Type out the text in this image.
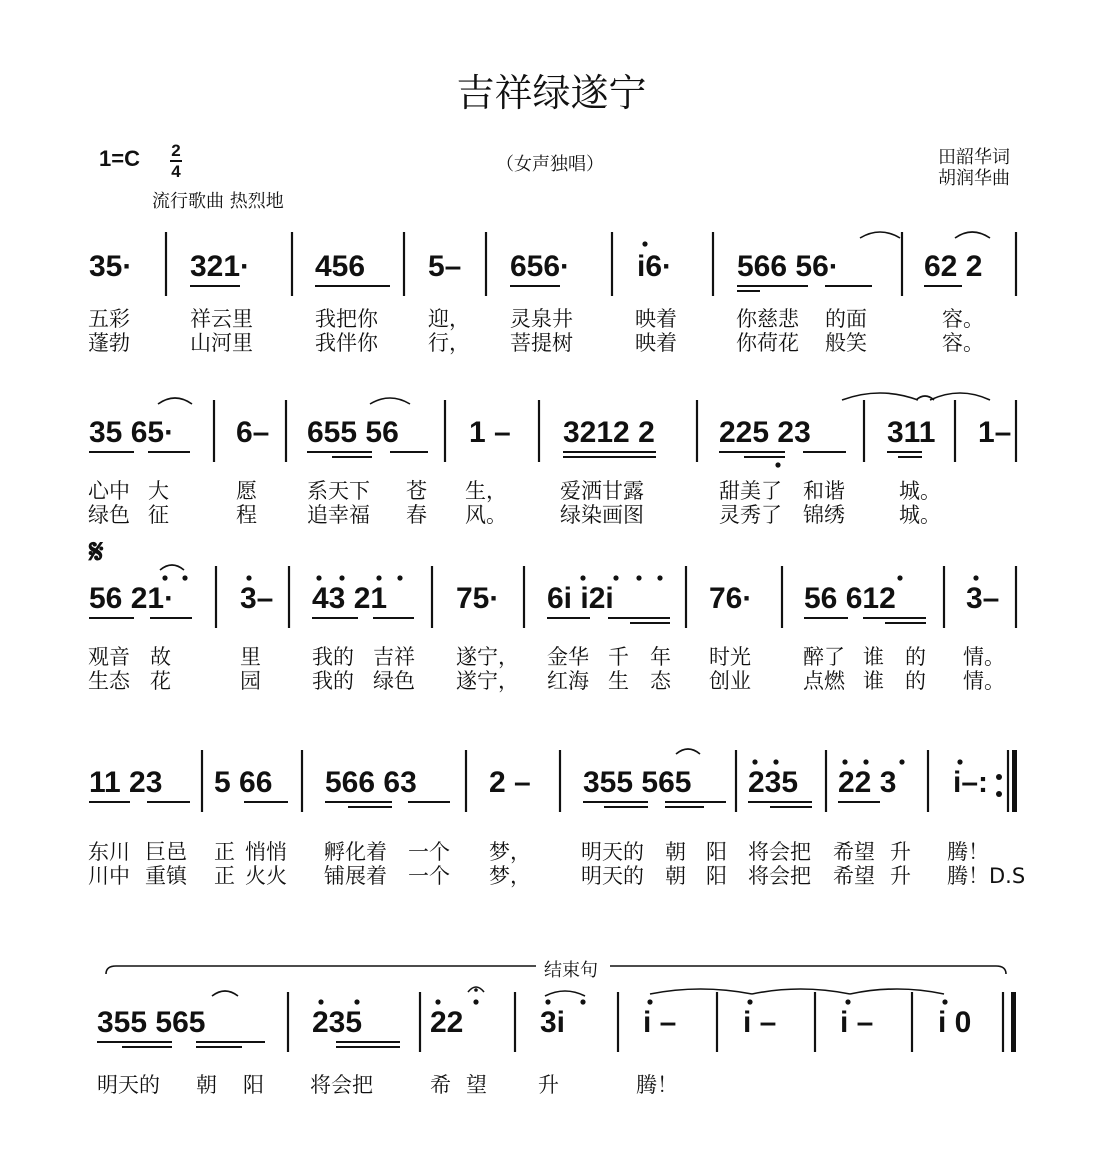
吉祥绿遂宁
1=C 2
4	（女声独唱）
流行歌曲 热烈地
田韶华词
胡润华曲
35· 321· 456 5– 656· i6· 566 56·	62 2
五彩	祥云里	我把你 迎， 灵泉井	映着	你慈悲 的面	容。
蓬勃	山河里	我伴你 行， 菩提树	映着	你荷花 般笑	容。
35 65· 6– 655 56 1 – 3212 2 225 23	311 1–
心中 大	愿 系天下 苍 生，	爱洒甘露	甜美了 和谐	城。
绿色 征	程 追幸福 春 风。	绿染画图	灵秀了 锦绣	城。
𝄋
56 21· 3– 43 21 75· 6i i2i	76· 56 612 3–
观音 故	里 我的 吉祥 遂宁， 金华 千 年 时光 醉了 谁 的 情。
生态 花	园 我的 绿色 遂宁， 红海 生 态 创业 点燃 谁 的 情。
11 23 5 66 566 63 2 – 355 565 235 22 3 i–:
东川 巨邑 正 悄悄 孵化着 一个 梦， 明天的 朝 阳 将会把 希望 升 腾！
川中 重镇 正 火火 铺展着 一个 梦， 明天的 朝 阳 将会把 希望 升 腾！D.S
结束句
355 565	235 22	3i	i – i – i – i 0
明天的 朝 阳 将会把	希 望 升	腾！
